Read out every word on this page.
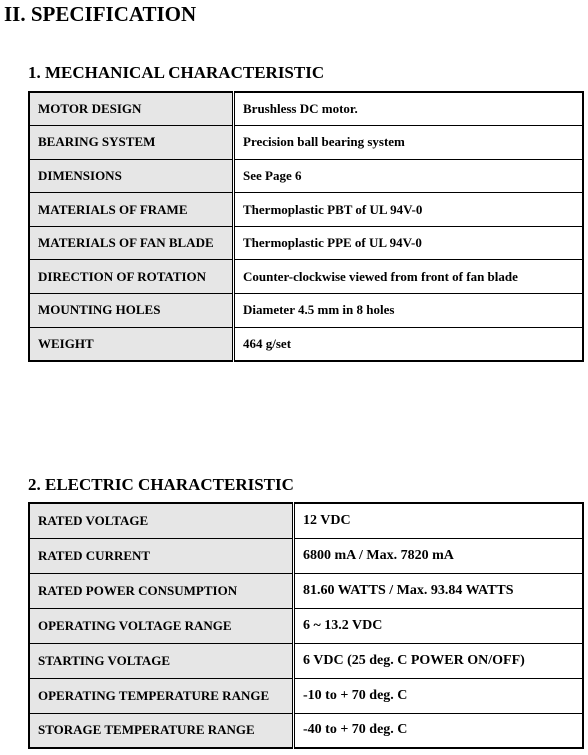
II. SPECIFICATION
1. MECHANICAL CHARACTERISTIC
MOTOR DESIGN	Brushless DC motor.
BEARING SYSTEM	Precision ball bearing system
DIMENSIONS	See Page 6
MATERIALS OF FRAME	Thermoplastic PBT of UL 94V-0
MATERIALS OF FAN BLADE	Thermoplastic PPE of UL 94V-0
DIRECTION OF ROTATION	Counter-clockwise viewed from front of fan blade
MOUNTING HOLES	Diameter 4.5 mm in 8 holes
WEIGHT	464 g/set
2. ELECTRIC CHARACTERISTIC
RATED VOLTAGE	12 VDC
RATED CURRENT	6800 mA / Max. 7820 mA
RATED POWER CONSUMPTION	81.60 WATTS / Max. 93.84 WATTS
OPERATING VOLTAGE RANGE	6 ~ 13.2 VDC
STARTING VOLTAGE	6 VDC (25 deg. C POWER ON/OFF)
OPERATING TEMPERATURE RANGE	-10 to + 70 deg. C
STORAGE TEMPERATURE RANGE	-40 to + 70 deg. C
